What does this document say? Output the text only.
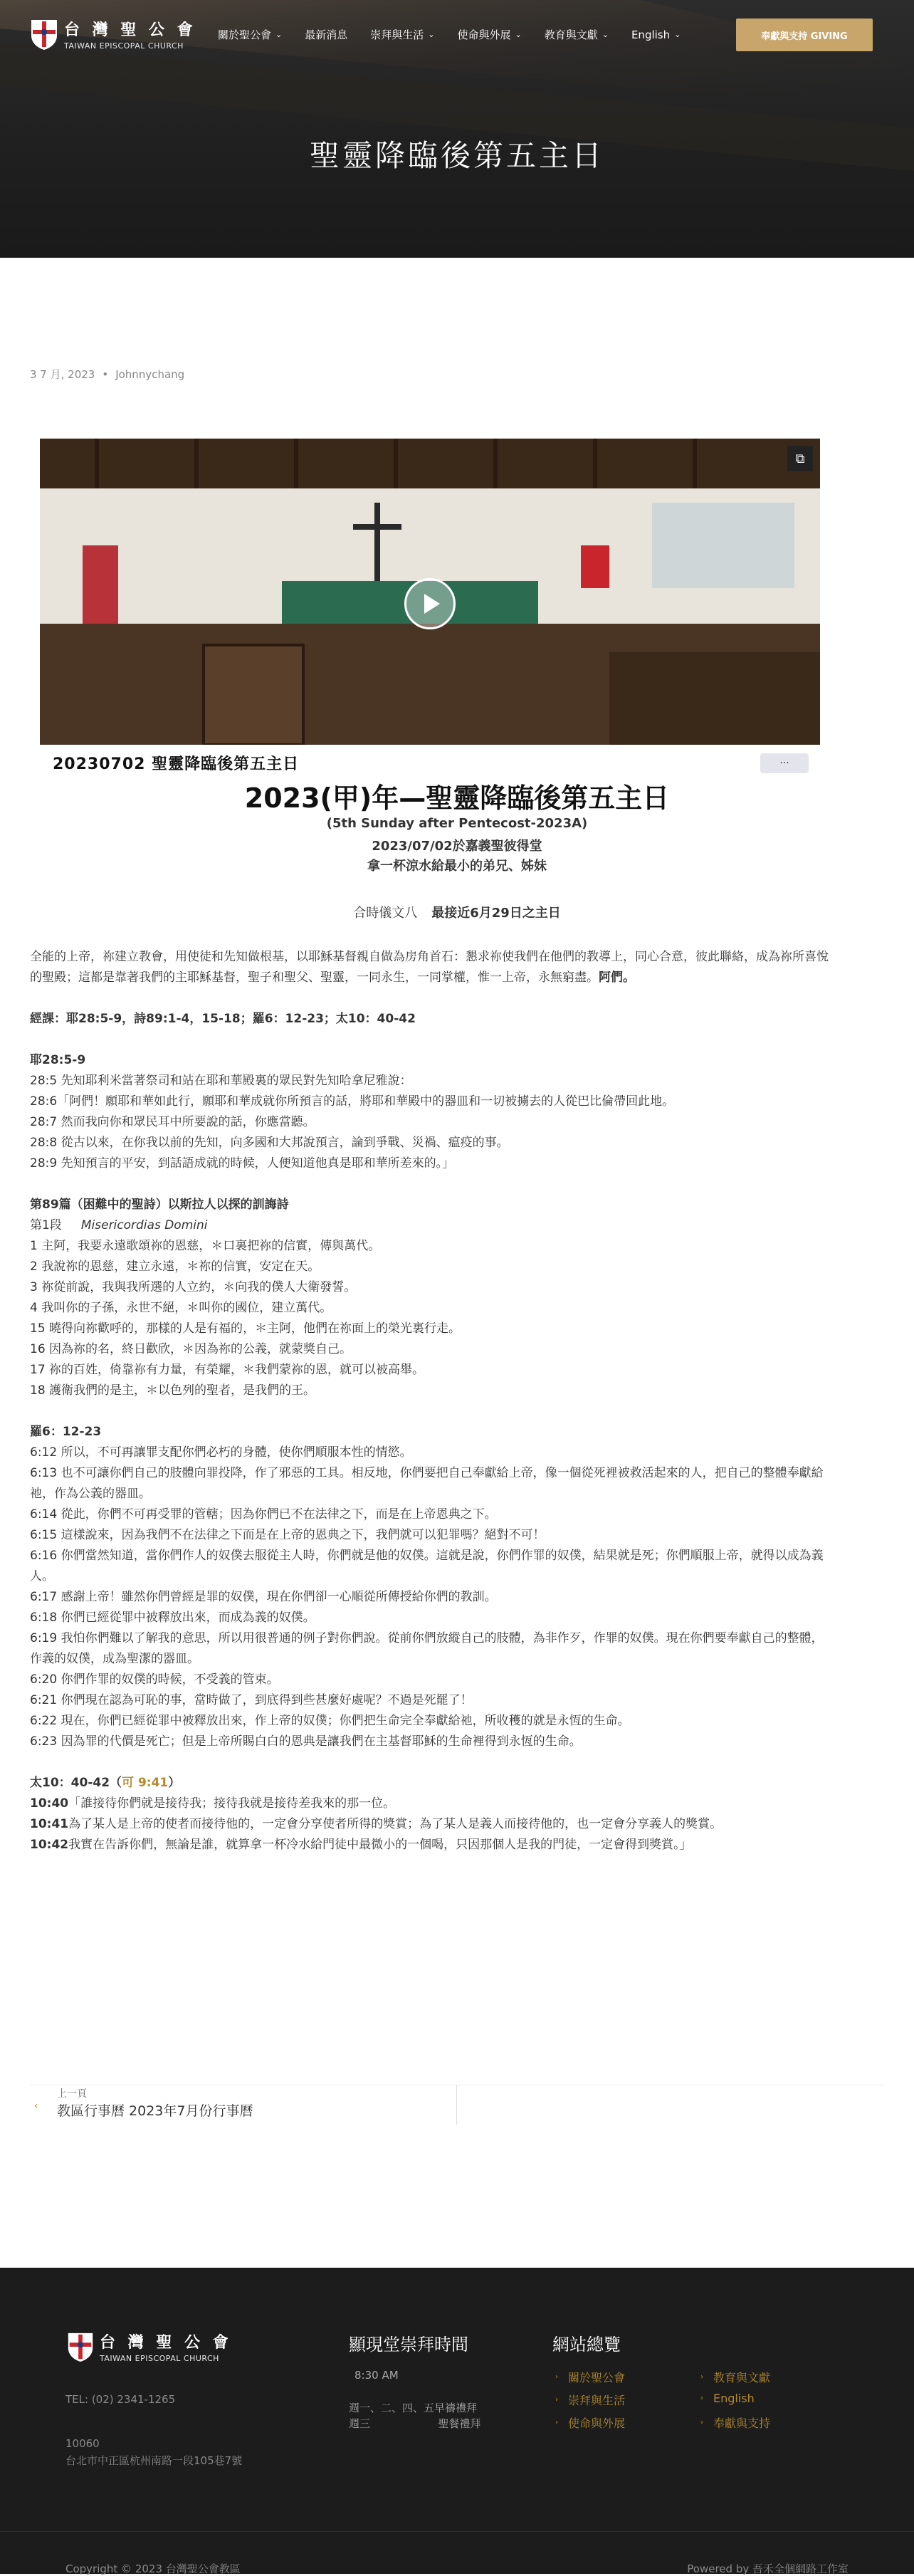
台 灣 聖 公 會
TAIWAN EPISCOPAL CHURCH
關於聖公會 ⌄ 最新消息 崇拜與生活 ⌄ 使命與外展 ⌄ 教育與文獻 ⌄ English ⌄	奉獻與支持 GIVING
聖靈降臨後第五主日
3 7 月, 2023 • Johnnychang
⧉
20230702 聖靈降臨後第五主日	···
2023(甲)年—聖靈降臨後第五主日
(5th Sunday after Pentecost-2023A)
2023/07/02於嘉義聖彼得堂
拿一杯涼水給最小的弟兄、姊妹
合時儀文八 最接近6月29日之主日

全能的上帝，祢建立教會，用使徒和先知做根基，以耶穌基督親自做為房角首石：懇求祢使我們在他們的教導上，同心合意，彼此聯絡，成為祢所喜悅的聖殿；這都是靠著我們的主耶穌基督，聖子和聖父、聖靈，一同永生，一同掌權，惟一上帝，永無窮盡。阿們。

經課：耶28:5-9，詩89:1-4，15-18；羅6：12-23；太10：40-42

耶28:5-9

28:5 先知耶利米當著祭司和站在耶和華殿裏的眾民對先知哈拿尼雅說：

28:6「阿們！願耶和華如此行，願耶和華成就你所預言的話，將耶和華殿中的器皿和一切被擄去的人從巴比倫帶回此地。

28:7 然而我向你和眾民耳中所要說的話，你應當聽。

28:8 從古以來，在你我以前的先知，向多國和大邦說預言，論到爭戰、災禍、瘟疫的事。

28:9 先知預言的平安，到話語成就的時候，人便知道他真是耶和華所差來的。」

第89篇（困難中的聖詩）以斯拉人以探的訓誨詩

第1段 Misericordias Domini

1 主阿，我要永遠歌頌祢的恩慈，＊口裏把祢的信實，傳與萬代。

2 我說祢的恩慈，建立永遠，＊祢的信實，安定在天。

3 祢從前說，我與我所選的人立約，＊向我的僕人大衛發誓。

4 我叫你的子孫，永世不絕，＊叫你的國位，建立萬代。

15 曉得向祢歡呼的，那樣的人是有福的，＊主阿，他們在祢面上的榮光裏行走。

16 因為祢的名，終日歡欣，＊因為祢的公義，就蒙獎自己。

17 祢的百姓，倚靠祢有力量，有榮耀，＊我們蒙祢的恩，就可以被高舉。

18 護衛我們的是主，＊以色列的聖者，是我們的王。

羅6：12-23

6:12 所以，不可再讓罪支配你們必朽的身體，使你們順服本性的情慾。

6:13 也不可讓你們自己的肢體向罪投降，作了邪惡的工具。相反地，你們要把自己奉獻給上帝，像一個從死裡被救活起來的人，把自己的整體奉獻給祂，作為公義的器皿。

6:14 從此，你們不可再受罪的管轄；因為你們已不在法律之下，而是在上帝恩典之下。

6:15 這樣說來，因為我們不在法律之下而是在上帝的恩典之下，我們就可以犯罪嗎？絕對不可！

6:16 你們當然知道，當你們作人的奴僕去服從主人時，你們就是他的奴僕。這就是說，你們作罪的奴僕，結果就是死；你們順服上帝，就得以成為義人。

6:17 感謝上帝！雖然你們曾經是罪的奴僕，現在你們卻一心順從所傳授給你們的教訓。

6:18 你們已經從罪中被釋放出來，而成為義的奴僕。

6:19 我怕你們難以了解我的意思，所以用很普通的例子對你們說。從前你們放縱自己的肢體，為非作歹，作罪的奴僕。現在你們要奉獻自己的整體，作義的奴僕，成為聖潔的器皿。

6:20 你們作罪的奴僕的時候，不受義的管束。

6:21 你們現在認為可恥的事，當時做了，到底得到些甚麼好處呢？不過是死罷了！

6:22 現在，你們已經從罪中被釋放出來，作上帝的奴僕；你們把生命完全奉獻給祂，所收穫的就是永恆的生命。

6:23 因為罪的代價是死亡；但是上帝所賜白白的恩典是讓我們在主基督耶穌的生命裡得到永恆的生命。

太10：40-42（可 9:41）

10:40「誰接待你們就是接待我；接待我就是接待差我來的那一位。

10:41為了某人是上帝的使者而接待他的，一定會分享使者所得的獎賞；為了某人是義人而接待他的，也一定會分享義人的獎賞。

10:42我實在告訴你們，無論是誰，就算拿一杯冷水給門徒中最微小的一個喝，只因那個人是我的門徒，一定會得到獎賞。」

‹
上一頁
教區行事曆 2023年7月份行事曆
台 灣 聖 公 會
TAIWAN EPISCOPAL CHURCH
TEL: (02) 2341-1265
10060
台北市中正區杭州南路一段105巷7號
顯現堂崇拜時間
8:30 AM
週一、二、四、五早禱禮拜
週三                    聖餐禮拜
網站總覽
› 關於聖公會
› 崇拜與生活
› 使命與外展
› 教育與文獻
› English
› 奉獻與支持
Copyright © 2023 台灣聖公會教區	Powered by 吾禾全個網路工作室
